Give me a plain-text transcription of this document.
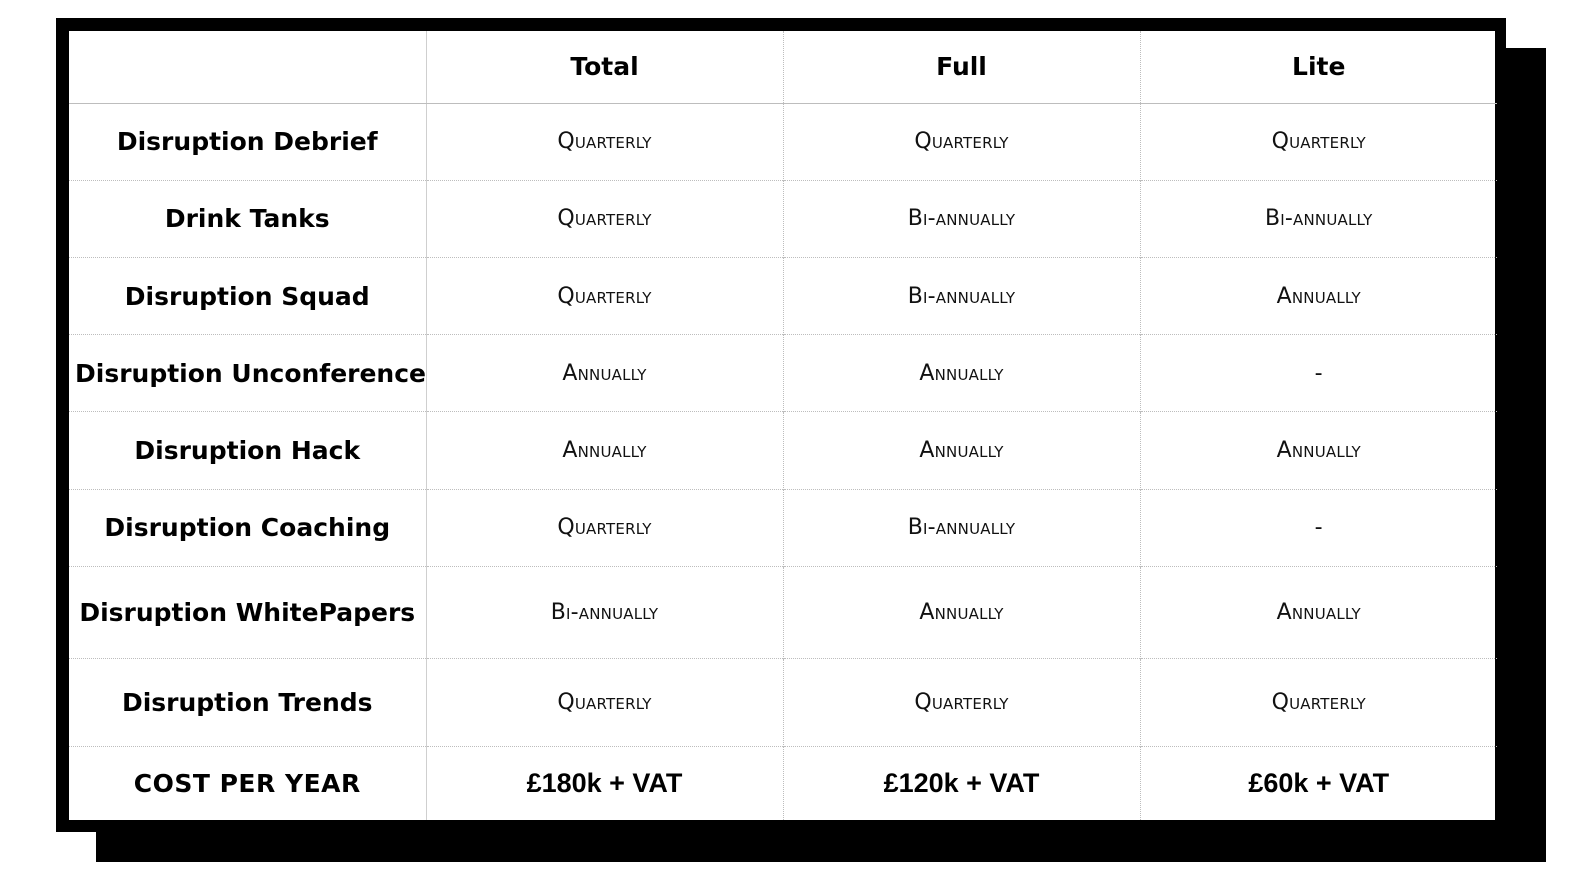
	Total	Full	Lite
Disruption Debrief	Quarterly	Quarterly	Quarterly
Drink Tanks	Quarterly	Bi-annually	Bi-annually
Disruption Squad	Quarterly	Bi-annually	Annually
Disruption Unconference	Annually	Annually	-
Disruption Hack	Annually	Annually	Annually
Disruption Coaching	Quarterly	Bi-annually	-
Disruption WhitePapers	Bi-annually	Annually	Annually
Disruption Trends	Quarterly	Quarterly	Quarterly
COST PER YEAR	£180k + VAT	£120k + VAT	£60k + VAT
